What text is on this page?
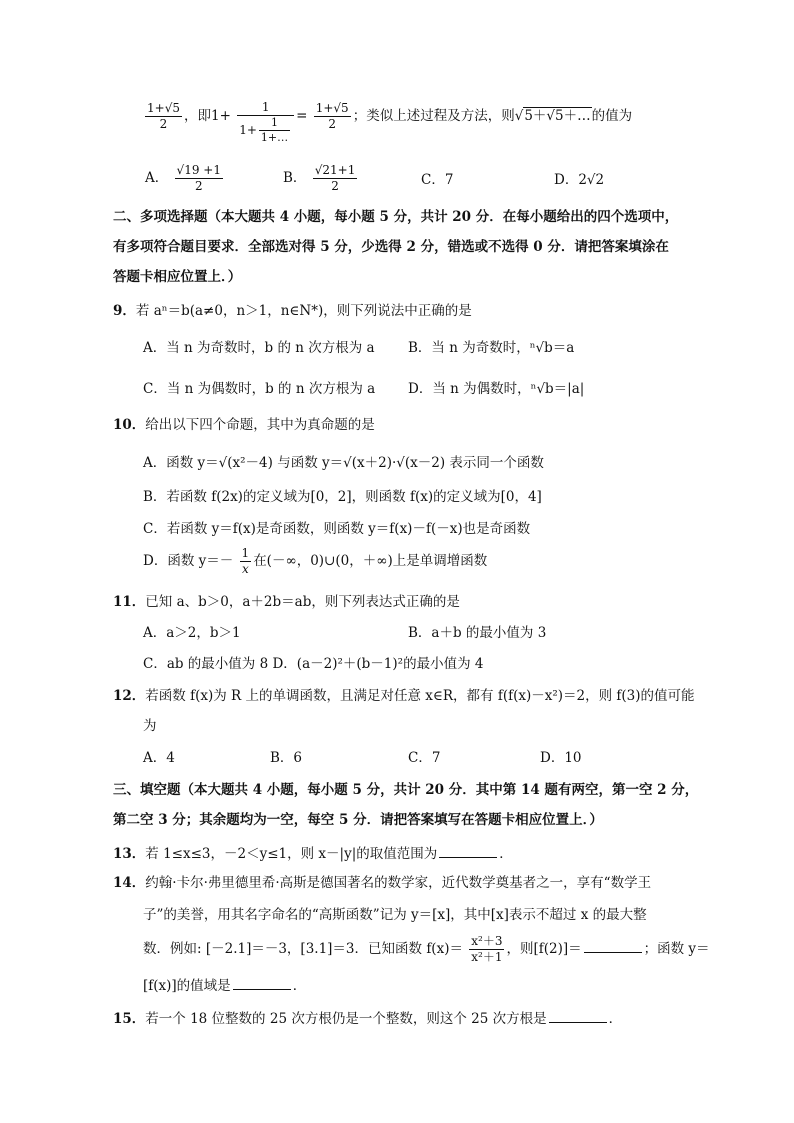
$\frac{1+√5}{2}$ ，即$1+ \frac{1}{1+ \frac{1}{1+\dots}} = \frac{1+√5}{2}$ ；类似上述过程及方法，则√5＋√5＋…的值为
A． $\frac{√19 +1}{2}$	B． $\frac{√21+1}{2}$	C．7	D．2√2
二、多项选择题（本大题共 4 小题，每小题 5 分，共计 20 分．在每小题给出的四个选项中，
有多项符合题目要求．全部选对得 5 分，少选得 2 分，错选或不选得 0 分．请把答案填涂在
答题卡相应位置上．）
9．若 aⁿ＝b(a≠0，n＞1，n∈N*)，则下列说法中正确的是
A．当 n 为奇数时，b 的 n 次方根为 a B．当 n 为奇数时，ⁿ√b＝a
C．当 n 为偶数时，b 的 n 次方根为 a D．当 n 为偶数时，ⁿ√b＝|a|
10．给出以下四个命题，其中为真命题的是
A．函数 y＝√(x²－4) 与函数 y＝√(x＋2)·√(x－2) 表示同一个函数
B．若函数 f(2x)的定义域为[0，2]，则函数 f(x)的定义域为[0，4]
C．若函数 y＝f(x)是奇函数，则函数 y＝f(x)－f(－x)也是奇函数
D．函数 $y=- \frac{1}{x}$ 在(－∞，0)∪(0，＋∞)上是单调增函数
11．已知 a、b＞0，a＋2b＝ab，则下列表达式正确的是
A．a＞2，b＞1	B．a＋b 的最小值为 3
C．ab 的最小值为 8 D．(a－2)²＋(b－1)²的最小值为 4
12．若函数 f(x)为 R 上的单调函数，且满足对任意 x∈R，都有 f(f(x)－x²)＝2，则 f(3)的值可能
为
A．4	B．6	C．7	D．10
三、填空题（本大题共 4 小题，每小题 5 分，共计 20 分．其中第 14 题有两空，第一空 2 分，
第二空 3 分；其余题均为一空，每空 5 分．请把答案填写在答题卡相应位置上．）
13．若 1≤x≤3，－2＜y≤1，则 x－|y|的取值范围为	．
14．约翰·卡尔·弗里德里希·高斯是德国著名的数学家，近代数学奠基者之一，享有“数学王
子”的美誉，用其名字命名的“高斯函数”记为 y＝[x]，其中[x]表示不超过 x 的最大整
数．例如: [－2.1]＝－3，[3.1]＝3．已知函数 $f(x)= \frac{\text{x²＋3}}{\text{x²＋1}}$ ，则[f(2)]＝	；函数 y＝
[f(x)]的值域是	．
15．若一个 18 位整数的 25 次方根仍是一个整数，则这个 25 次方根是	．
